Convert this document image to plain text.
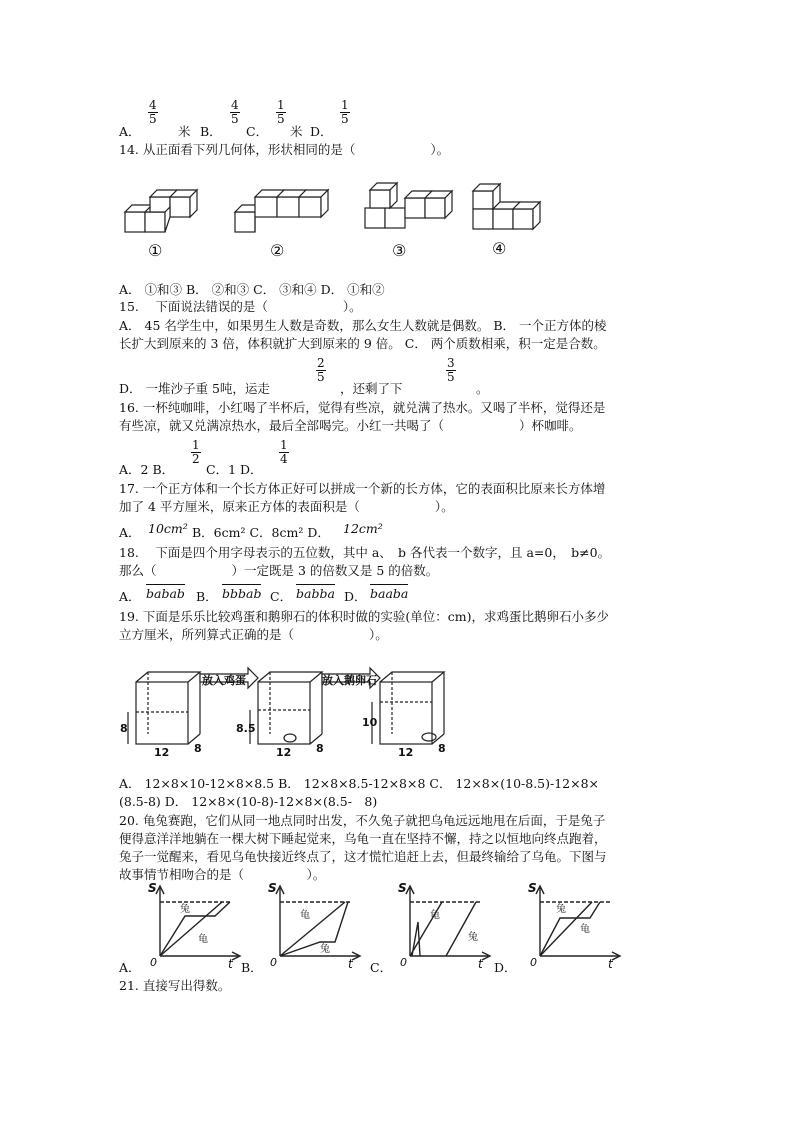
A．
$\frac{4}{5}$
米 B．
$\frac{4}{5}$
C．
$\frac{1}{5}$
米 D．
$\frac{1}{5}$
14. 从正面看下列几何体，形状相同的是（　　　　　　）。
①	②	③	④
A． ①和③ B． ②和③ C． ③和④ D． ①和②
15.　 下面说法错误的是（　　　　　　）。
A． 45 名学生中，如果男生人数是奇数，那么女生人数就是偶数。 B． 一个正方体的棱
长扩大到原来的 3 倍，体积就扩大到原来的 9 倍。 C． 两个质数相乘，积一定是合数。
D． 一堆沙子重 5吨，运走
$\frac{2}{5}$
，还剩了下
$\frac{3}{5}$
。
16. 一杯纯咖啡，小红喝了半杯后，觉得有些凉，就兑满了热水。又喝了半杯，觉得还是
有些凉，就又兑满凉热水，最后全部喝完。小红一共喝了（　　　　　　）杯咖啡。
A．2 B．
$\frac{1}{2}$
C．1 D．
$\frac{1}{4}$
17. 一个正方体和一个长方体正好可以拼成一个新的长方体，它的表面积比原来长方体增
加了 4 平方厘米，原来正方体的表面积是（　　　　　　）。
A． 10cm² B．6cm² C．8cm² D． 12cm²
18.　 下面是四个用字母表示的五位数，其中 a、　b 各代表一个数字，且 a=0，　b≠0。
那么（　　　　　　）一定既是 3 的倍数又是 5 的倍数。
A． babab B． bbbab C． babba D． baaba
19. 下面是乐乐比较鸡蛋和鹅卵石的体积时做的实验(单位：cm)，求鸡蛋比鹅卵石小多少
立方厘米，所列算式正确的是（　　　　　　）。
放入鸡蛋	放入鹅卵石
8	8.5	10
12 8	12 8	12 8
A． 12×8×10-12×8×8.5 B． 12×8×8.5-12×8×8 C． 12×8×(10-8.5)-12×8×
(8.5-8) D． 12×8×(10-8)-12×8×(8.5-　8)
20. 龟兔赛跑，它们从同一地点同时出发，不久兔子就把乌龟远远地甩在后面，于是兔子
便得意洋洋地躺在一棵大树下睡起觉来，乌龟一直在坚持不懈，持之以恒地向终点跑着，
兔子一觉醒来，看见乌龟快接近终点了，这才慌忙追赶上去，但最终输给了乌龟。下图与
故事情节相吻合的是（　　　　　）。
S
t
0
兔
龟
S
t
0
龟
兔
S
t
0
龟
兔
S
t
0
兔
龟
A．	B．	C．	D．
21. 直接写出得数。
